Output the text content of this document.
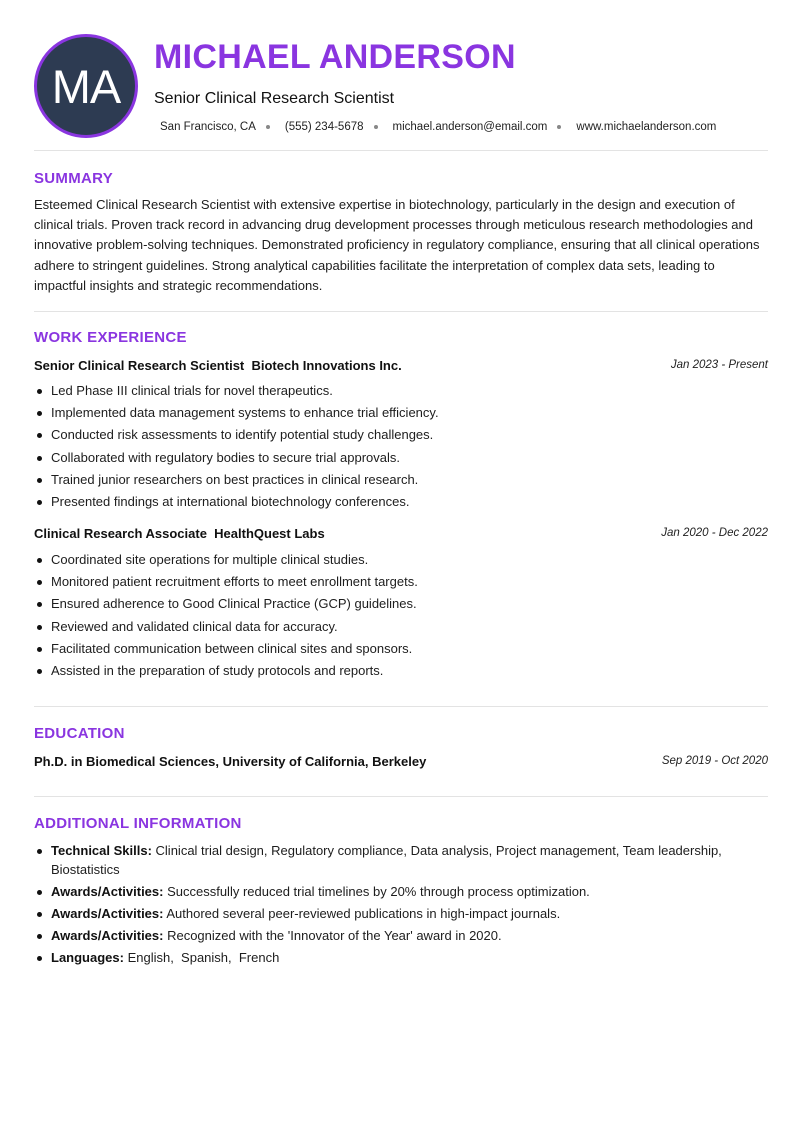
MA
MICHAEL ANDERSON
Senior Clinical Research Scientist
San Francisco, CA	(555) 234-5678	michael.anderson@email.com	www.michaelanderson.com
SUMMARY
Esteemed Clinical Research Scientist with extensive expertise in biotechnology, particularly in the design and execution of clinical trials. Proven track record in advancing drug development processes through meticulous research methodologies and innovative problem-solving techniques. Demonstrated proficiency in regulatory compliance, ensuring that all clinical operations adhere to stringent guidelines. Strong analytical capabilities facilitate the interpretation of complex data sets, leading to impactful insights and strategic recommendations.
WORK EXPERIENCE
Senior Clinical Research Scientist  Biotech Innovations Inc.	Jan 2023 - Present
Led Phase III clinical trials for novel therapeutics.
Implemented data management systems to enhance trial efficiency.
Conducted risk assessments to identify potential study challenges.
Collaborated with regulatory bodies to secure trial approvals.
Trained junior researchers on best practices in clinical research.
Presented findings at international biotechnology conferences.
Clinical Research Associate  HealthQuest Labs	Jan 2020 - Dec 2022
Coordinated site operations for multiple clinical studies.
Monitored patient recruitment efforts to meet enrollment targets.
Ensured adherence to Good Clinical Practice (GCP) guidelines.
Reviewed and validated clinical data for accuracy.
Facilitated communication between clinical sites and sponsors.
Assisted in the preparation of study protocols and reports.
EDUCATION
Ph.D. in Biomedical Sciences, University of California, Berkeley	Sep 2019 - Oct 2020
ADDITIONAL INFORMATION
Technical Skills: Clinical trial design, Regulatory compliance, Data analysis, Project management, Team leadership, Biostatistics
Awards/Activities: Successfully reduced trial timelines by 20% through process optimization.
Awards/Activities: Authored several peer-reviewed publications in high-impact journals.
Awards/Activities: Recognized with the 'Innovator of the Year' award in 2020.
Languages: English,  Spanish,  French
